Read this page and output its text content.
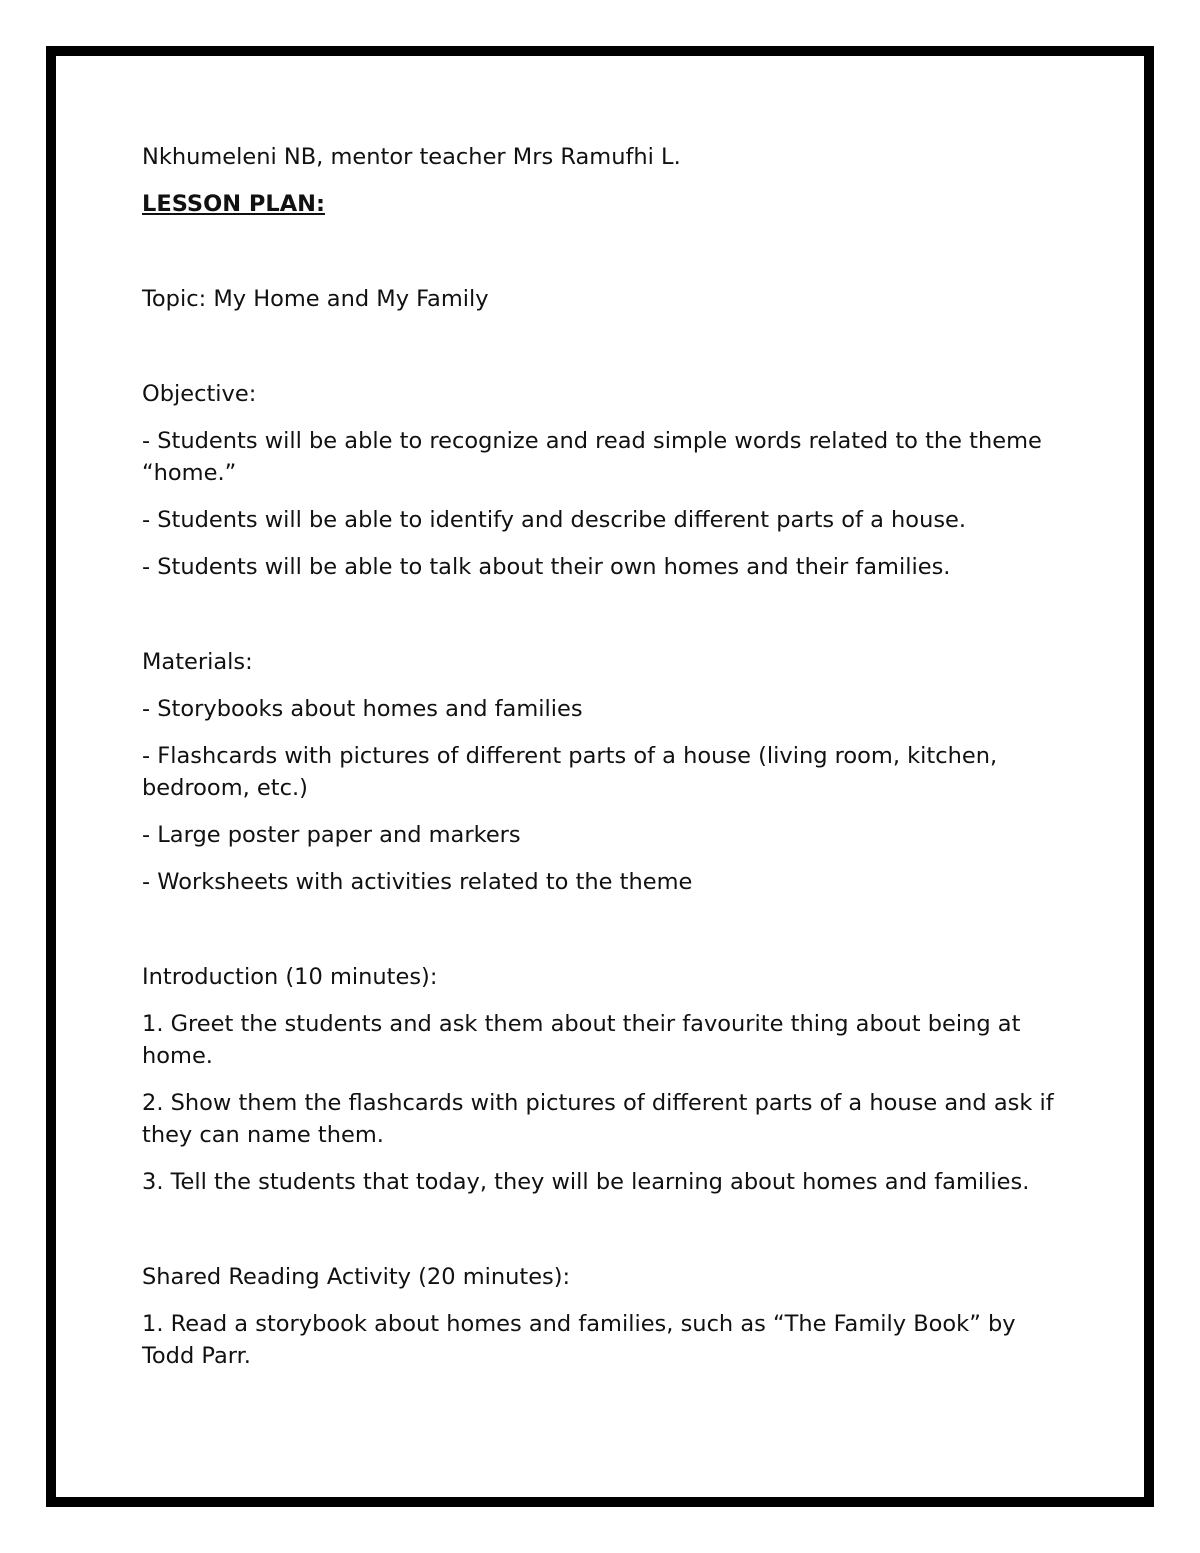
Nkhumeleni NB, mentor teacher Mrs Ramufhi L.

LESSON PLAN:

Topic: My Home and My Family

Objective:

- Students will be able to recognize and read simple words related to the theme “home.”

- Students will be able to identify and describe different parts of a house.

- Students will be able to talk about their own homes and their families.

Materials:

- Storybooks about homes and families

- Flashcards with pictures of different parts of a house (living room, kitchen, bedroom, etc.)

- Large poster paper and markers

- Worksheets with activities related to the theme

Introduction (10 minutes):

1. Greet the students and ask them about their favourite thing about being at home.

2. Show them the flashcards with pictures of different parts of a house and ask if they can name them.

3. Tell the students that today, they will be learning about homes and families.

Shared Reading Activity (20 minutes):

1. Read a storybook about homes and families, such as “The Family Book” by Todd Parr.
